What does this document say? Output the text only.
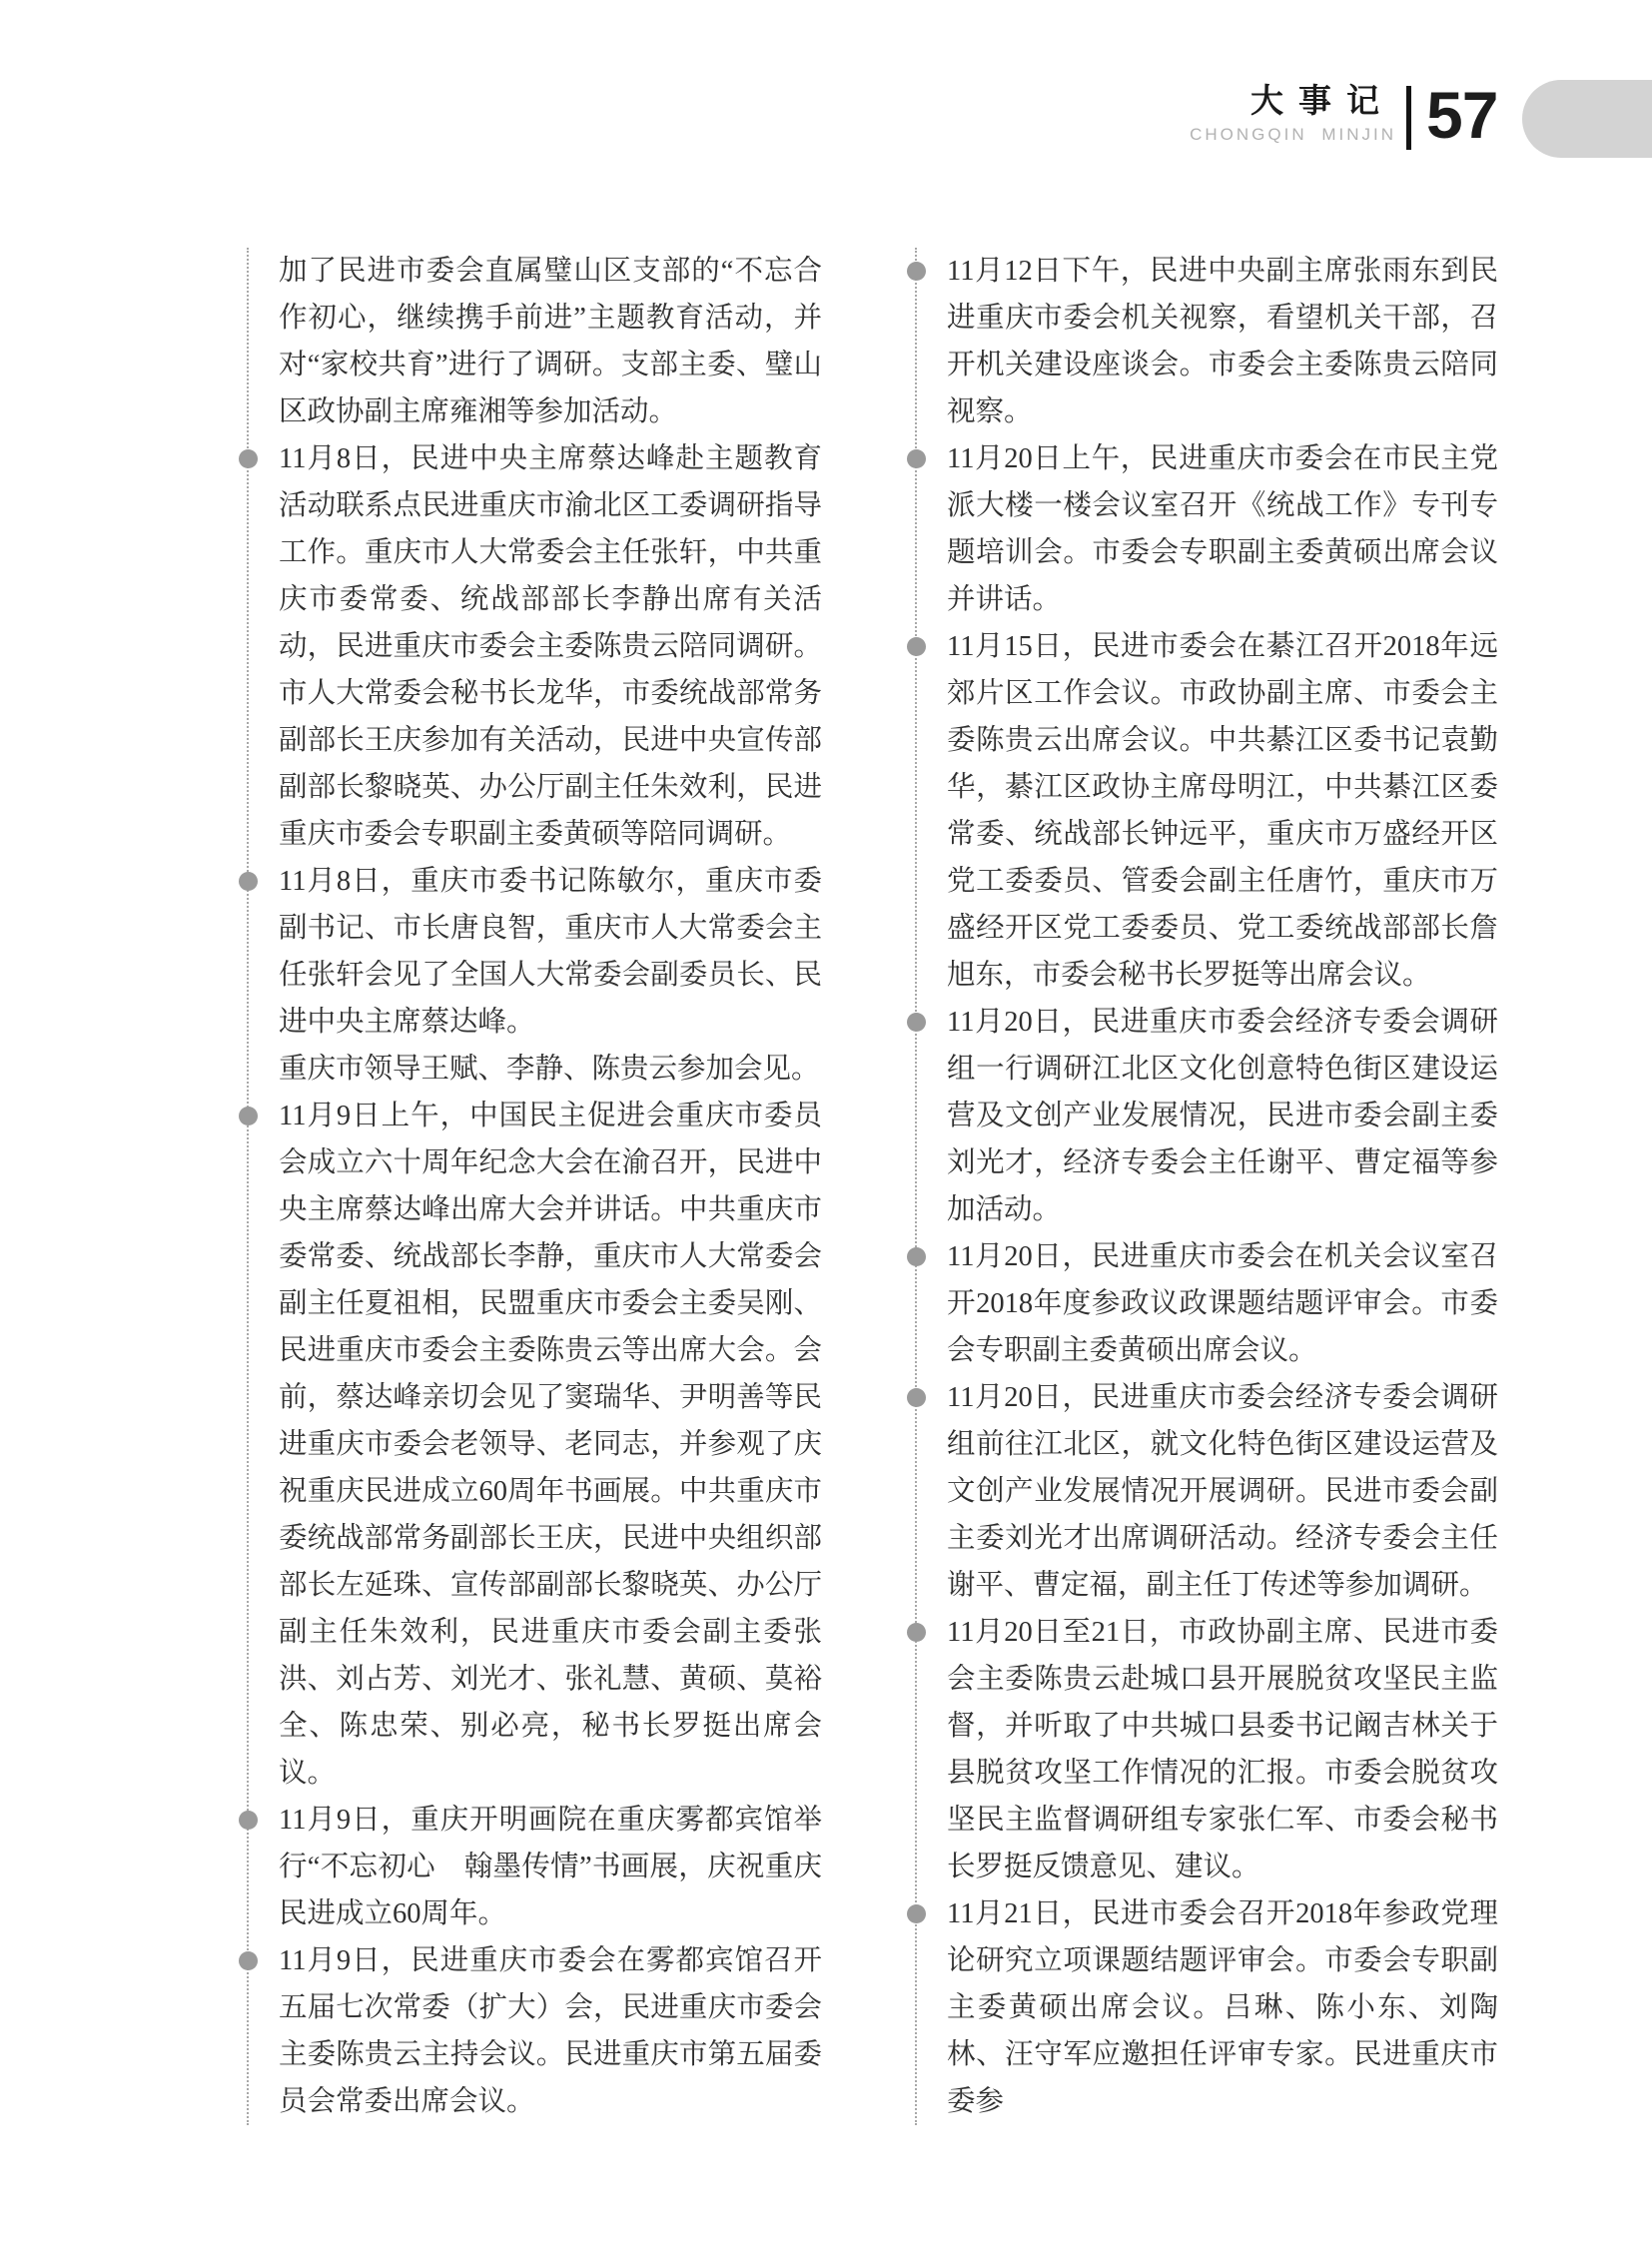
大事记
CHONGQIN MINJIN 57

加了民进市委会直属璧山区支部的“不忘合作初心，继续携手前进”主题教育活动，并对“家校共育”进行了调研。支部主委、璧山区政协副主席雍湘等参加活动。

11月8日，民进中央主席蔡达峰赴主题教育活动联系点民进重庆市渝北区工委调研指导工作。重庆市人大常委会主任张轩，中共重庆市委常委、统战部部长李静出席有关活动，民进重庆市委会主委陈贵云陪同调研。市人大常委会秘书长龙华，市委统战部常务副部长王庆参加有关活动，民进中央宣传部副部长黎晓英、办公厅副主任朱效利，民进重庆市委会专职副主委黄硕等陪同调研。

11月8日，重庆市委书记陈敏尔，重庆市委副书记、市长唐良智，重庆市人大常委会主任张轩会见了全国人大常委会副委员长、民进中央主席蔡达峰。

重庆市领导王赋、李静、陈贵云参加会见。

11月9日上午，中国民主促进会重庆市委员会成立六十周年纪念大会在渝召开，民进中央主席蔡达峰出席大会并讲话。中共重庆市委常委、统战部长李静，重庆市人大常委会副主任夏祖相，民盟重庆市委会主委吴刚、民进重庆市委会主委陈贵云等出席大会。会前，蔡达峰亲切会见了窦瑞华、尹明善等民进重庆市委会老领导、老同志，并参观了庆祝重庆民进成立60周年书画展。中共重庆市委统战部常务副部长王庆，民进中央组织部部长左延珠、宣传部副部长黎晓英、办公厅副主任朱效利，民进重庆市委会副主委张洪、刘占芳、刘光才、张礼慧、黄硕、莫裕全、陈忠荣、别必亮，秘书长罗挺出席会议。

11月9日，重庆开明画院在重庆雾都宾馆举行“不忘初心　翰墨传情”书画展，庆祝重庆民进成立60周年。

11月9日，民进重庆市委会在雾都宾馆召开五届七次常委（扩大）会，民进重庆市委会主委陈贵云主持会议。民进重庆市第五届委员会常委出席会议。

11月12日下午，民进中央副主席张雨东到民进重庆市委会机关视察，看望机关干部，召开机关建设座谈会。市委会主委陈贵云陪同视察。

11月20日上午，民进重庆市委会在市民主党派大楼一楼会议室召开《统战工作》专刊专题培训会。市委会专职副主委黄硕出席会议并讲话。

11月15日，民进市委会在綦江召开2018年远郊片区工作会议。市政协副主席、市委会主委陈贵云出席会议。中共綦江区委书记袁勤华，綦江区政协主席母明江，中共綦江区委常委、统战部长钟远平，重庆市万盛经开区党工委委员、管委会副主任唐竹，重庆市万盛经开区党工委委员、党工委统战部部长詹旭东，市委会秘书长罗挺等出席会议。

11月20日，民进重庆市委会经济专委会调研组一行调研江北区文化创意特色街区建设运营及文创产业发展情况，民进市委会副主委刘光才，经济专委会主任谢平、曹定福等参加活动。

11月20日，民进重庆市委会在机关会议室召开2018年度参政议政课题结题评审会。市委会专职副主委黄硕出席会议。

11月20日，民进重庆市委会经济专委会调研组前往江北区，就文化特色街区建设运营及文创产业发展情况开展调研。民进市委会副主委刘光才出席调研活动。经济专委会主任谢平、曹定福，副主任丁传述等参加调研。

11月20日至21日，市政协副主席、民进市委会主委陈贵云赴城口县开展脱贫攻坚民主监督，并听取了中共城口县委书记阚吉林关于县脱贫攻坚工作情况的汇报。市委会脱贫攻坚民主监督调研组专家张仁军、市委会秘书长罗挺反馈意见、建议。

11月21日，民进市委会召开2018年参政党理论研究立项课题结题评审会。市委会专职副主委黄硕出席会议。吕琳、陈小东、刘陶林、汪守军应邀担任评审专家。民进重庆市委参
